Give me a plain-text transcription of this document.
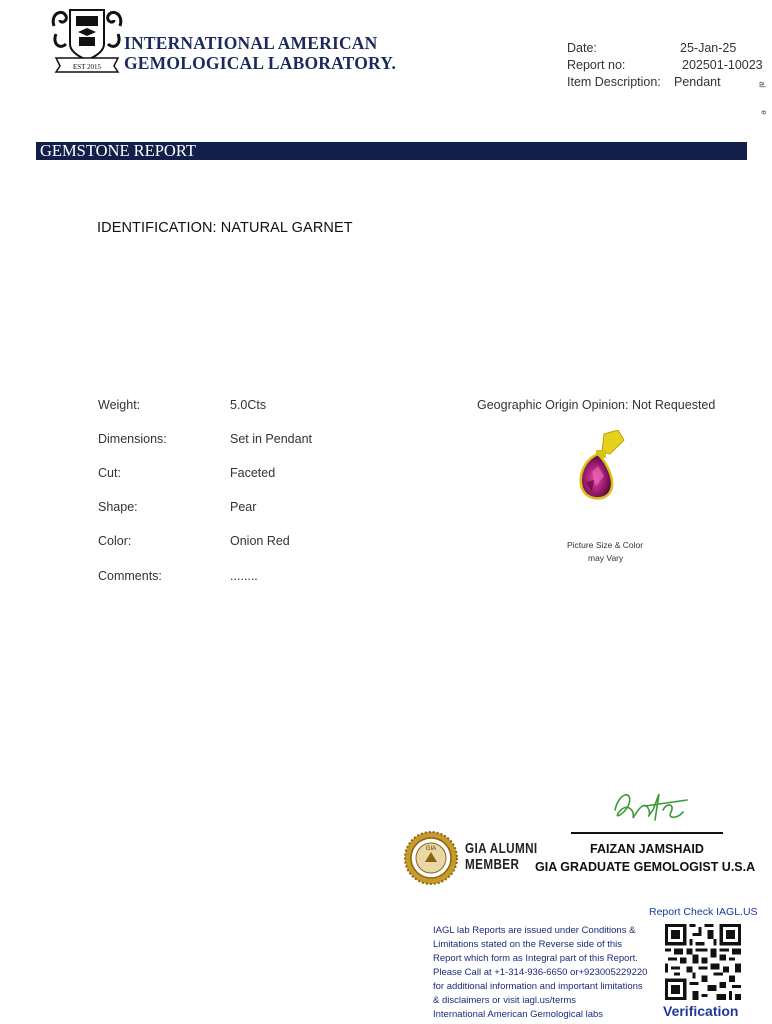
EST 2015
INTERNATIONAL AMERICAN
GEMOLOGICAL LABORATORY.
Date:	25-Jan-25
Report no:	202501-10023
Item Description: Pendant	al
e
GEMSTONE REPORT
IDENTIFICATION: NATURAL GARNET
Weight:	5.0Cts
Dimensions:	Set in Pendant
Cut:	Faceted
Shape:	Pear
Color:	Onion Red
Comments:	........
Geographic Origin Opinion: Not Requested
Picture Size & Color
may Vary
FAIZAN JAMSHAID
GIA GRADUATE GEMOLOGIST U.S.A
GIA GIA ALUMNI
MEMBER
IAGL lab Reports are issued under Conditions &
Limitations stated on the Reverse side of this
Report which form as Integral part of this Report.
Please Call at +1-314-936-6650 or+923005229220
for additional information and important limitations
& disclaimers or visit iagl.us/terms
International American Gemological labs
Report Check IAGL.US
Verification
